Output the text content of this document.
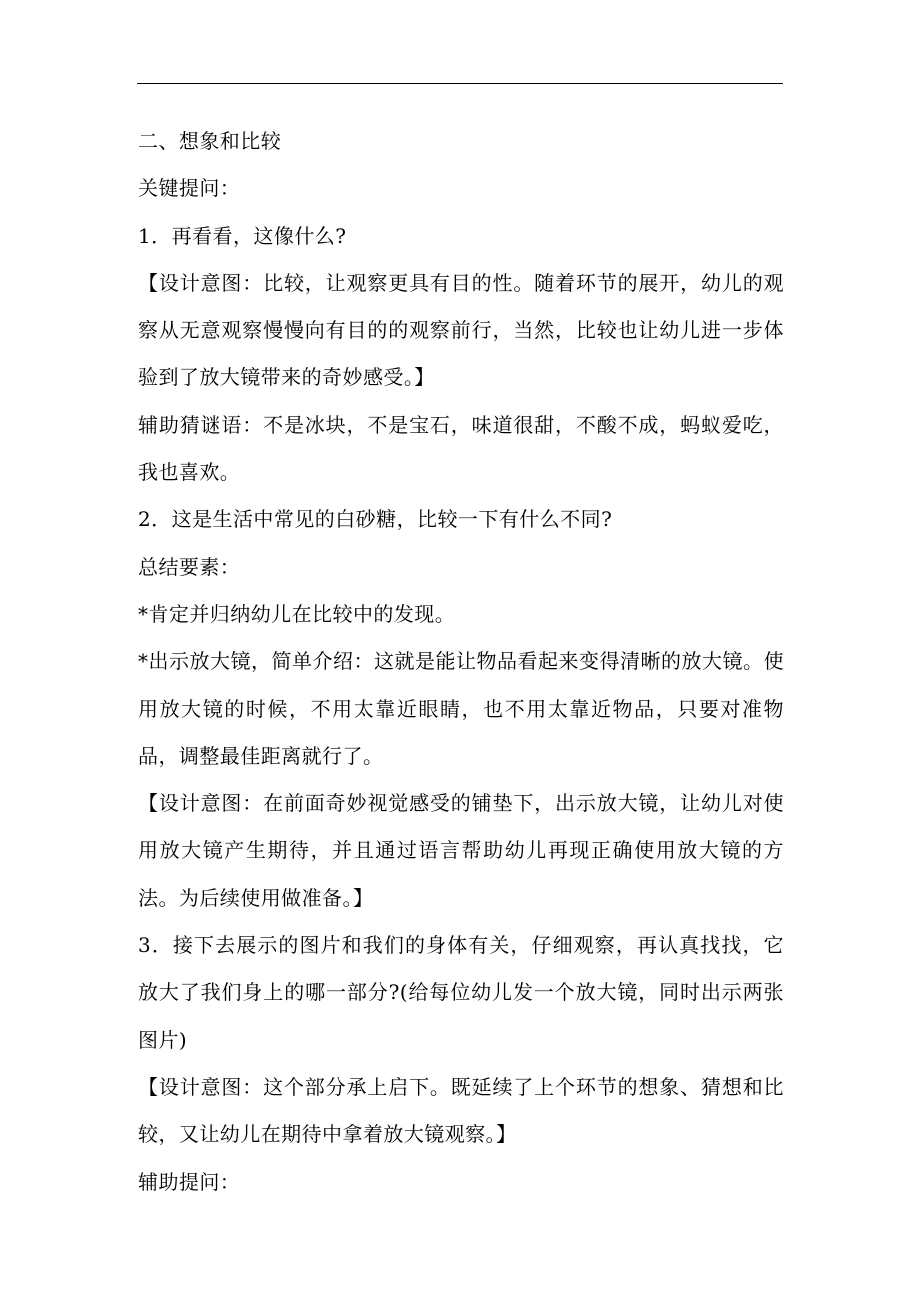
二、想象和比较

关键提问：

1．再看看，这像什么?

【设计意图：比较，让观察更具有目的性。随着环节的展开，幼儿的观察从无意观察慢慢向有目的的观察前行，当然，比较也让幼儿进一步体验到了放大镜带来的奇妙感受。】

辅助猜谜语：不是冰块，不是宝石，味道很甜，不酸不成，蚂蚁爱吃，我也喜欢。

2．这是生活中常见的白砂糖，比较一下有什么不同?

总结要素：

*肯定并归纳幼儿在比较中的发现。

*出示放大镜，简单介绍：这就是能让物品看起来变得清晰的放大镜。使用放大镜的时候，不用太靠近眼睛，也不用太靠近物品，只要对准物品，调整最佳距离就行了。

【设计意图：在前面奇妙视觉感受的铺垫下，出示放大镜，让幼儿对使用放大镜产生期待，并且通过语言帮助幼儿再现正确使用放大镜的方法。为后续使用做准备。】

3．接下去展示的图片和我们的身体有关，仔细观察，再认真找找，它放大了我们身上的哪一部分?(给每位幼儿发一个放大镜，同时出示两张图片)

【设计意图：这个部分承上启下。既延续了上个环节的想象、猜想和比较，又让幼儿在期待中拿着放大镜观察。】

辅助提问：
